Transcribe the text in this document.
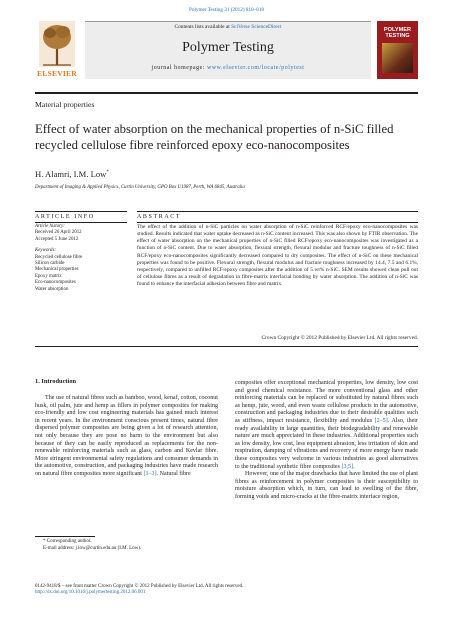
Polymer Testing 31 (2012) 810–818
ELSEVIER
Contents lists available at SciVerse ScienceDirect
Polymer Testing
journal homepage: www.elsevier.com/locate/polytest
POLYMER
TESTING
Material properties
Effect of water absorption on the mechanical properties of n-SiC filled recycled cellulose fibre reinforced epoxy eco-nanocomposites
H. Alamri, I.M. Low*
Department of Imaging & Applied Physics, Curtin University, GPO Box U1987, Perth, WA 6845, Australia
ARTICLE INFO	ABSTRACT
Article history:
Received 26 April 2012
Accepted 5 June 2012
Keywords:
Recycled cellulose fibre
Silicon carbide
Mechanical properties
Epoxy matrix
Eco-nanocomposites
Water absorption
The effect of the addition of n-SiC particles on water absorption of n-SiC reinforced RCF/epoxy eco-nanocomposites was studied. Results indicated that water uptake decreased as n-SiC content increased. This was also shown by FTIR observation. The effect of water absorption on the mechanical properties of n-SiC filled RCF/epoxy eco-nanocomposites was investigated as a function of n-SiC content. Due to water absorption, flexural strength, flexural modulus and fracture toughness of n-SiC filled RCF/epoxy eco-nanocomposites significantly decreased compared to dry composites. The effect of n-SiC on these mechanical properties was found to be positive. Flexural strength, flexural modulus and fracture toughness increased by 14.4, 7.5 and 6.1%, respectively, compared to unfilled RCF/epoxy composites after the addition of 5 wt% n-SiC. SEM results showed clean pull out of cellulose fibres as a result of degradation in fibre-matrix interfacial bonding by water absorption. The addition of n-SiC was found to enhance the interfacial adhesion between fibre and matrix.
Crown Copyright © 2012 Published by Elsevier Ltd. All rights reserved.
1. Introduction

The use of natural fibres such as bamboo, wood, kenaf, cotton, coconut husk, oil palm, jute and hemp as fillers in polymer composites for making eco-friendly and low cost engineering materials has gained much interest in recent years. In the environment conscious present times, natural fibre dispersed polymer composites are being given a lot of research attention, not only because they are pose no harm to the environment but also because of they can be easily reproduced as replacements for the non-renewable reinforcing materials such as glass, carbon and Kevlar fibre. More stringent environmental safety regulations and consumer demands in the automotive, construction, and packaging industries have made research on natural fibre composites more significant [1–3]. Natural fibre

composites offer exceptional mechanical properties, low density, low cost and good chemical resistance. The more conventional glass and other reinforcing materials can be replaced or substituted by natural fibres such as hemp, jute, wood, and even waste cellulose products in the automotive, construction and packaging industries due to their desirable qualities such as stiffness, impact resistance, flexibility and modulus [2–5]. Also, their ready availability in large quantities, their biodegradability and renewable nature are much appreciated in these industries. Additional properties such as low density, low cost, less equipment abrasion, less irritation of skin and respiration, damping of vibrations and recovery of more energy have made these composites very welcome in various industries as good alternatives to the traditional synthetic fibre composites [3,5].

However, one of the major drawbacks that have limited the use of plant fibres as reinforcement in polymer composites is their susceptibility to moisture absorption which, in turn, can lead to swelling of the fibre, forming voids and micro-cracks at the fibre-matrix interface region,

* Corresponding author.
E-mail address: j.low@curtin.edu.au (I.M. Low).
0142-9418/$ – see front matter Crown Copyright © 2012 Published by Elsevier Ltd. All rights reserved.
http://dx.doi.org/10.1016/j.polymertesting.2012.06.001
